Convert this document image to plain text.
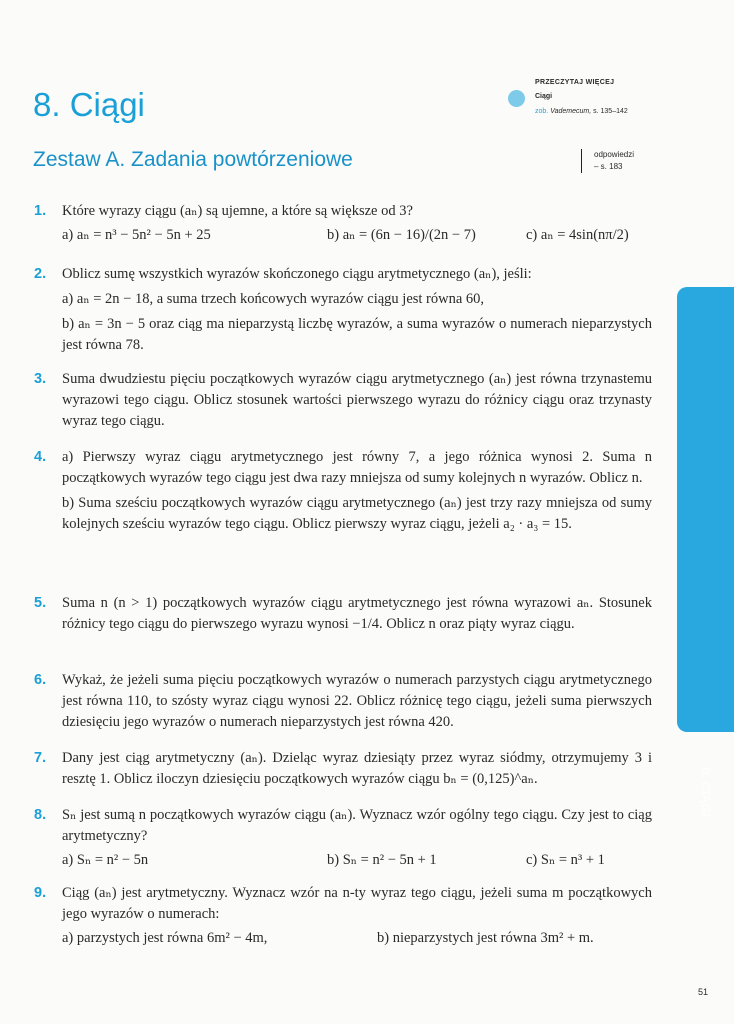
8. Ciągi
Zestaw A. Zadania powtórzeniowe
PRZECZYTAJ WIĘCEJ
Ciągi
zob. Vademecum, s. 135–142
odpowiedzi
– s. 183
8. CIĄGI
1. Które wyrazy ciągu (aₙ) są ujemne, a które są większe od 3?
a) aₙ = n³ − 5n² − 5n + 25	b) aₙ = (6n − 16)/(2n − 7)	c) aₙ = 4sin(nπ/2)
2. Oblicz sumę wszystkich wyrazów skończonego ciągu arytmetycznego (aₙ), jeśli:
a) aₙ = 2n − 18, a suma trzech końcowych wyrazów ciągu jest równa 60,
b) aₙ = 3n − 5 oraz ciąg ma nieparzystą liczbę wyrazów, a suma wyrazów o numerach nieparzystych jest równa 78.
3. Suma dwudziestu pięciu początkowych wyrazów ciągu arytmetycznego (aₙ) jest równa trzynastemu wyrazowi tego ciągu. Oblicz stosunek wartości pierwszego wyrazu do różnicy ciągu oraz trzynasty wyraz tego ciągu.
4. a) Pierwszy wyraz ciągu arytmetycznego jest równy 7, a jego różnica wynosi 2. Suma n początkowych wyrazów tego ciągu jest dwa razy mniejsza od sumy kolejnych n wyrazów. Oblicz n.
b) Suma sześciu początkowych wyrazów ciągu arytmetycznego (aₙ) jest trzy razy mniejsza od sumy kolejnych sześciu wyrazów tego ciągu. Oblicz pierwszy wyraz ciągu, jeżeli a₂ · a₃ = 15.
5. Suma n (n > 1) początkowych wyrazów ciągu arytmetycznego jest równa wyrazowi aₙ. Stosunek różnicy tego ciągu do pierwszego wyrazu wynosi −1/4. Oblicz n oraz piąty wyraz ciągu.
6. Wykaż, że jeżeli suma pięciu początkowych wyrazów o numerach parzystych ciągu arytmetycznego jest równa 110, to szósty wyraz ciągu wynosi 22. Oblicz różnicę tego ciągu, jeżeli suma pierwszych dziesięciu jego wyrazów o numerach nieparzystych jest równa 420.
7. Dany jest ciąg arytmetyczny (aₙ). Dzieląc wyraz dziesiąty przez wyraz siódmy, otrzymujemy 3 i resztę 1. Oblicz iloczyn dziesięciu początkowych wyrazów ciągu bₙ = (0,125)^aₙ.
8. Sₙ jest sumą n początkowych wyrazów ciągu (aₙ). Wyznacz wzór ogólny tego ciągu. Czy jest to ciąg arytmetyczny?
a) Sₙ = n² − 5n	b) Sₙ = n² − 5n + 1	c) Sₙ = n³ + 1
9. Ciąg (aₙ) jest arytmetyczny. Wyznacz wzór na n-ty wyraz tego ciągu, jeżeli suma m początkowych jego wyrazów o numerach:
a) parzystych jest równa 6m² − 4m,	b) nieparzystych jest równa 3m² + m.
51
